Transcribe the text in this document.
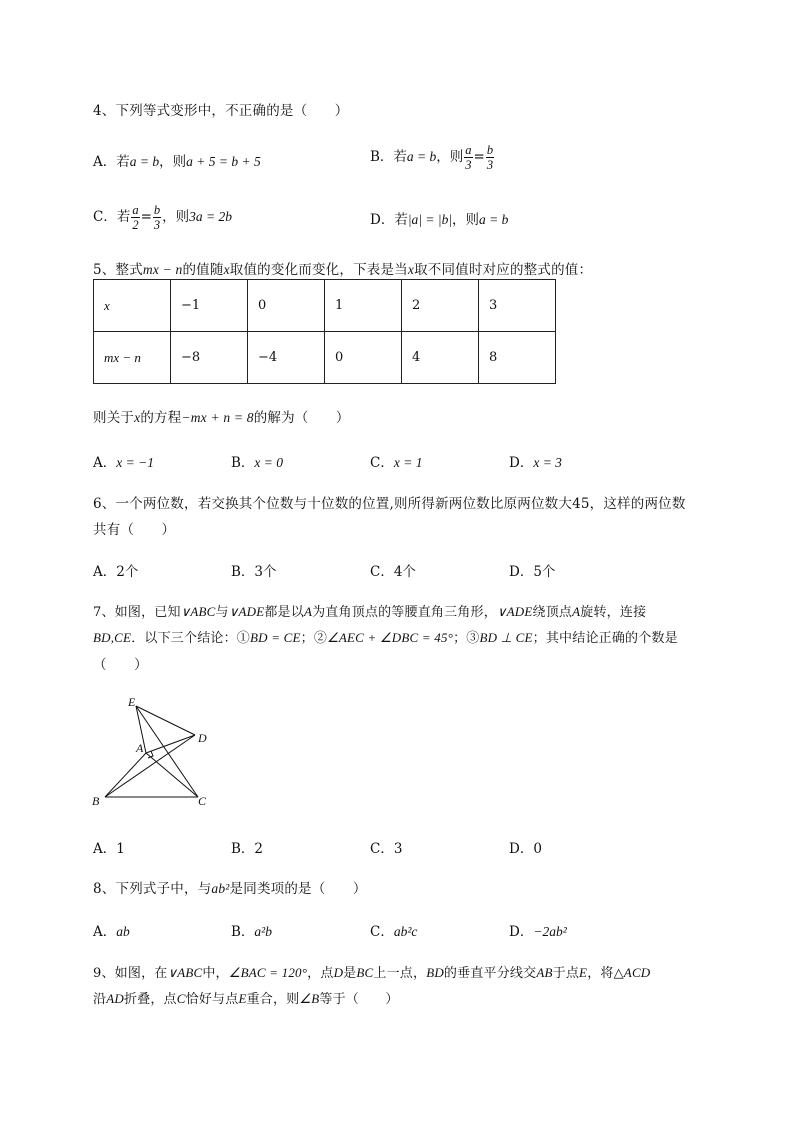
4、下列等式变形中，不正确的是（　　）
A．若a = b，则a + 5 = b + 5	B．若a = b，则 $\frac{a}{3} = \frac{b}{3}$
C．若 $\frac{a}{2} = \frac{b}{3}$ ，则3a = 2b	D．若|a| = |b|，则a = b
5、整式mx − n的值随x取值的变化而变化，下表是当x取不同值时对应的整式的值：
x	−1	0	1	2	3
mx − n	−8	−4	0	4	8
则关于x的方程−mx + n = 8的解为（　　）
A．x = −1	B．x = 0	C．x = 1	D．x = 3
6、一个两位数，若交换其个位数与十位数的位置,则所得新两位数比原两位数大45，这样的两位数
共有（　　）
A．2个	B．3个	C．4个	D．5个
7、如图，已知∨ABC与∨ADE都是以A为直角顶点的等腰直角三角形，∨ADE绕顶点A旋转，连接
BD,CE．以下三个结论：①BD = CE；②∠AEC + ∠DBC = 45°；③BD ⊥ CE；其中结论正确的个数是
（　　）
E
A
D
B	C
A．1	B．2	C．3	D．0
8、下列式子中，与ab²是同类项的是（　　）
A．ab	B．a²b	C．ab²c	D．−2ab²
9、如图，在∨ABC中，∠BAC = 120°，点D是BC上一点，BD的垂直平分线交AB于点E，将△ACD
沿AD折叠，点C恰好与点E重合，则∠B等于（　　）
